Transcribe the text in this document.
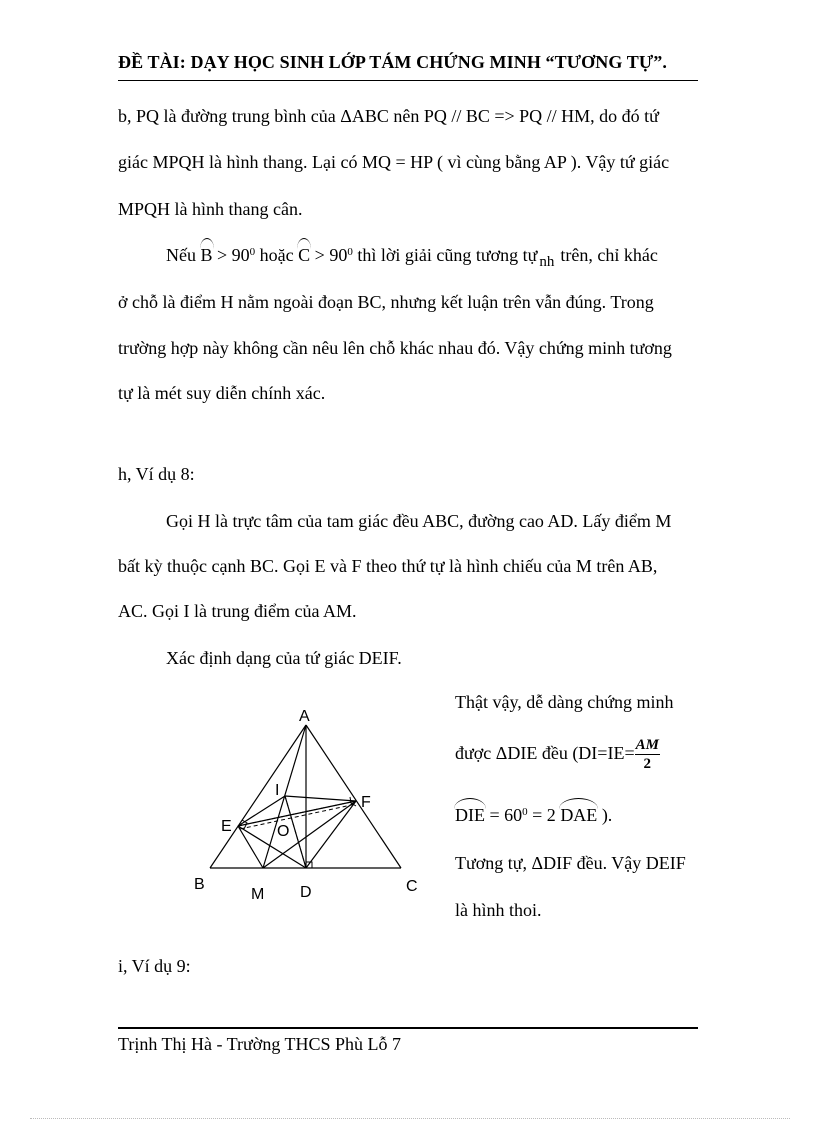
ĐỀ TÀI: DẠY HỌC SINH LỚP TÁM CHỨNG MINH “TƯƠNG TỰ”.
b, PQ là đường trung bình của ΔABC nên PQ // BC => PQ // HM, do đó tứ
giác MPQH là hình thang. Lại có MQ = HP ( vì cùng bằng AP ). Vậy tứ giác
MPQH là hình thang cân.
Nếu $B > 90^0$ hoặc $C > 90^0$ thì lời giải cũng tương tự $_{nh}$ trên, chỉ khác
ở chỗ là điểm H nằm ngoài đoạn BC, nhưng kết luận trên vẫn đúng. Trong
trường hợp này không cần nêu lên chỗ khác nhau đó. Vậy chứng minh tương
tự là mét suy diễn chính xác.
h, Ví dụ 8:
Gọi H là trực tâm của tam giác đều ABC, đường cao AD. Lấy điểm M
bất kỳ thuộc cạnh BC. Gọi E và F theo thứ tự là hình chiếu của M trên AB,
AC. Gọi I là trung điểm của AM.
Xác định dạng của tứ giác DEIF.
Thật vậy, dễ dàng chứng minh
được ΔDIE đều ($DI=IE= \frac{AM}{2}$
DIE = $60^0 = 2$ DAE ).
Tương tự, ΔDIF đều. Vậy DEIF
là hình thoi.
A
B	C
D
M
E
F
I
O
i, Ví dụ 9:
Trịnh Thị Hà - Trường THCS Phù Lỗ 7
